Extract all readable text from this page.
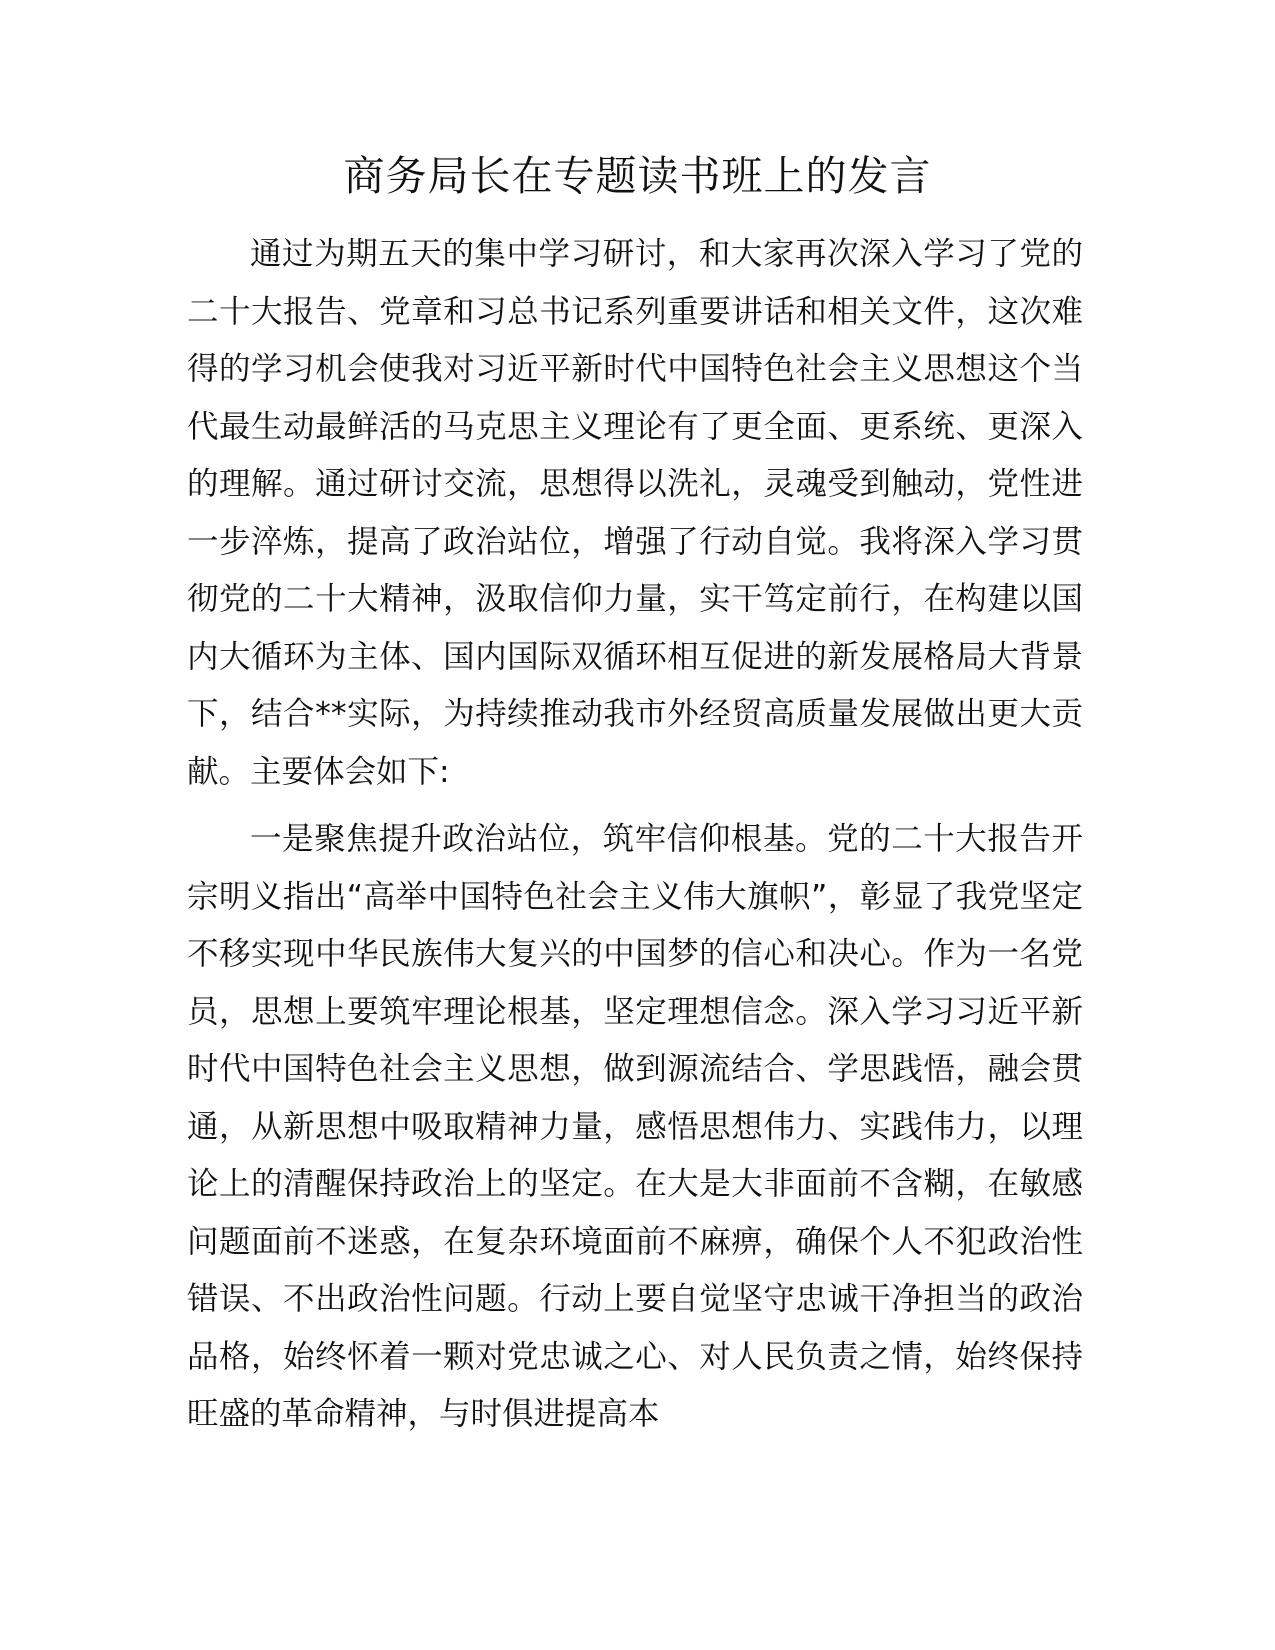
商务局长在专题读书班上的发言

通过为期五天的集中学习研讨，和大家再次深入学习了党的二十大报告、党章和习总书记系列重要讲话和相关文件，这次难得的学习机会使我对习近平新时代中国特色社会主义思想这个当代最生动最鲜活的马克思主义理论有了更全面、更系统、更深入的理解。通过研讨交流，思想得以洗礼，灵魂受到触动，党性进一步淬炼，提高了政治站位，增强了行动自觉。我将深入学习贯彻党的二十大精神，汲取信仰力量，实干笃定前行，在构建以国内大循环为主体、国内国际双循环相互促进的新发展格局大背景下，结合**实际，为持续推动我市外经贸高质量发展做出更大贡献。主要体会如下:

一是聚焦提升政治站位，筑牢信仰根基。党的二十大报告开宗明义指出“高举中国特色社会主义伟大旗帜”，彰显了我党坚定不移实现中华民族伟大复兴的中国梦的信心和决心。作为一名党员，思想上要筑牢理论根基，坚定理想信念。深入学习习近平新时代中国特色社会主义思想，做到源流结合、学思践悟，融会贯通，从新思想中吸取精神力量，感悟思想伟力、实践伟力，以理论上的清醒保持政治上的坚定。在大是大非面前不含糊，在敏感问题面前不迷惑，在复杂环境面前不麻痹，确保个人不犯政治性错误、不出政治性问题。行动上要自觉坚守忠诚干净担当的政治品格，始终怀着一颗对党忠诚之心、对人民负责之情，始终保持旺盛的革命精神，与时俱进提高本
